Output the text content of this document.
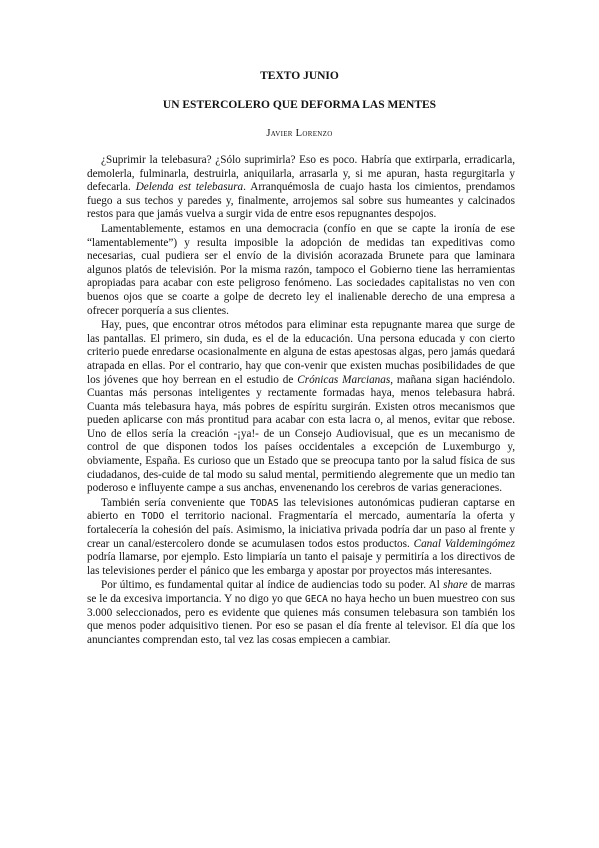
TEXTO JUNIO
UN ESTERCOLERO QUE DEFORMA LAS MENTES
Javier Lorenzo

¿Suprimir la telebasura? ¿Sólo suprimirla? Eso es poco. Habría que extirparla, erradicarla, demolerla, fulminarla, destruirla, aniquilarla, arrasarla y, si me apuran, hasta regurgitarla y defecarla. Delenda est telebasura. Arranquémosla de cuajo hasta los cimientos, prendamos fuego a sus techos y paredes y, finalmente, arrojemos sal sobre sus humeantes y calcinados restos para que jamás vuelva a surgir vida de entre esos repugnantes despojos.

Lamentablemente, estamos en una democracia (confío en que se capte la ironía de ese “lamentablemente”) y resulta imposible la adopción de medidas tan expeditivas como necesarias, cual pudiera ser el envío de la división acorazada Brunete para que laminara algunos platós de televisión. Por la misma razón, tampoco el Gobierno tiene las herramientas apropiadas para acabar con este peligroso fenómeno. Las sociedades capitalistas no ven con buenos ojos que se coarte a golpe de decreto ley el inalienable derecho de una empresa a ofrecer porquería a sus clientes.

Hay, pues, que encontrar otros métodos para eliminar esta repugnante marea que surge de las pantallas. El primero, sin duda, es el de la educación. Una persona educada y con cierto criterio puede enredarse ocasionalmente en alguna de estas apestosas algas, pero jamás quedará atrapada en ellas. Por el contrario, hay que con-venir que existen muchas posibilidades de que los jóvenes que hoy berrean en el estudio de Crónicas Marcianas, mañana sigan haciéndolo. Cuantas más personas inteligentes y rectamente formadas haya, menos telebasura habrá. Cuanta más telebasura haya, más pobres de espíritu surgirán. Existen otros mecanismos que pueden aplicarse con más prontitud para acabar con esta lacra o, al menos, evitar que rebose. Uno de ellos sería la creación -¡ya!- de un Consejo Audiovisual, que es un mecanismo de control de que disponen todos los países occidentales a excepción de Luxemburgo y, obviamente, España. Es curioso que un Estado que se preocupa tanto por la salud física de sus ciudadanos, des-cuide de tal modo su salud mental, permitiendo alegremente que un medio tan poderoso e influyente campe a sus anchas, envenenando los cerebros de varias generaciones.

También sería conveniente que TODAS las televisiones autonómicas pudieran captarse en abierto en TODO el territorio nacional. Fragmentaría el mercado, aumentaría la oferta y fortalecería la cohesión del país. Asimismo, la iniciativa privada podría dar un paso al frente y crear un canal/estercolero donde se acumulasen todos estos productos. Canal Valdemingómez podría llamarse, por ejemplo. Esto limpiaría un tanto el paisaje y permitiría a los directivos de las televisiones perder el pánico que les embarga y apostar por proyectos más interesantes.

Por último, es fundamental quitar al índice de audiencias todo su poder. Al share de marras se le da excesiva importancia. Y no digo yo que GECA no haya hecho un buen muestreo con sus 3.000 seleccionados, pero es evidente que quienes más consumen telebasura son también los que menos poder adquisitivo tienen. Por eso se pasan el día frente al televisor. El día que los anunciantes comprendan esto, tal vez las cosas empiecen a cambiar.
